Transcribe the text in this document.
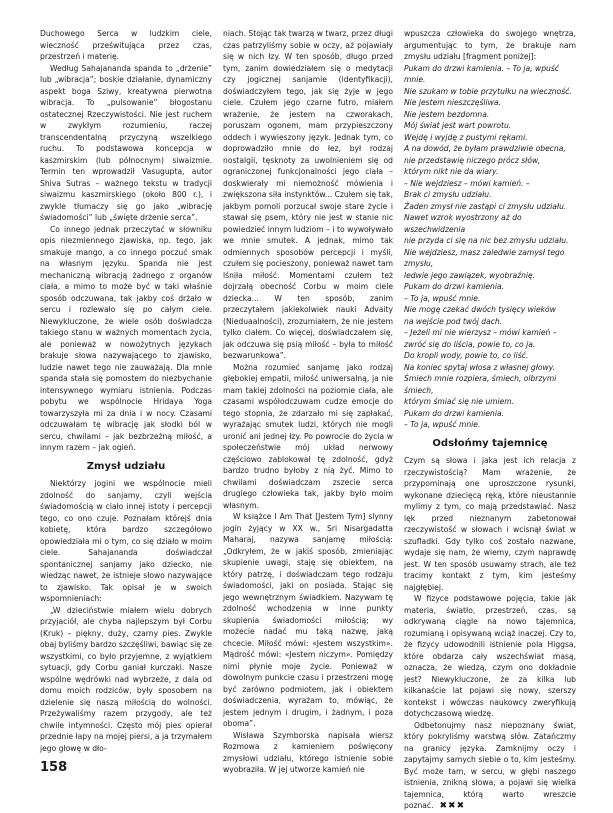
Duchowego Serca w ludzkim ciele, wieczność prześwitująca przez czas, przestrzeń i materię.

Według Sahajananda spanda to „drżenie” lub „wibracja”; boskie działanie, dynamiczny aspekt boga Sziwy, kreatywna pierwotna wibracja. To „pulsowanie” błogostanu ostatecznej Rzeczywistości. Nie jest ruchem w zwykłym rozumieniu, raczej transcendentalną przyczyną wszelkiego ruchu. To podstawowa koncepcja w kaszmirskim (lub północnym) siwaizmie. Termin ten wprowadził Vasugupta, autor Shiva Sutras – ważnego tekstu w tradycji siwaizmu kaszmirskiego (około 800 r.), i zwykle tłumaczy się go jako „wibrację świadomości” lub „święte drżenie serca”.

Co innego jednak przeczytać w słowniku opis niezmiennego zjawiska, np. tego, jak smakuje mango, a co innego poczuć smak na własnym języku. Spanda nie jest mechaniczną wibracją żadnego z organów ciała, a mimo to może być w taki właśnie sposób odczuwana, tak jakby coś drżało w sercu i rozlewało się po całym ciele. Niewykluczone, że wiele osób doświadcza takiego stanu w ważnych momentach życia, ale ponieważ w nowożytnych językach brakuje słowa nazywającego to zjawisko, ludzie nawet tego nie zauważają. Dla mnie spanda stała się pomostem do niezbychanie intensywnego wymiaru istnienia. Podczas pobytu we wspólnocie Hridaya Yoga towarzyszyła mi za dnia i w nocy. Czasami odczuwałam tę wibrację jak słodki ból w sercu, chwilami – jak bezbrzeżną miłość, a innym razem – jak ogień.

Zmysł udziału

Niektórzy jogini we wspólnocie mieli zdolność do sanjamy, czyli wejścia świadomością w ciało innej istoty i percepcji tego, co ono czuje. Poznałam którejś dnia kobietę, która bardzo szczegółowo opowiedziała mi o tym, co się działo w moim ciele. Sahajananda doświadczał spontanicznej sanjamy jako dziecko, nie wiedząc nawet, że istnieje słowo nazywające to zjawisko. Tak opisał je w swoich wspomnieniach:

„W dzieciństwie miałem wielu dobrych przyjaciół, ale chyba najlepszym był Corbu (Kruk) – piękny, duży, czarny pies. Zwykle obaj byliśmy bardzo szczęśliwi, bawiąc się ze wszystkimi, co było przyjemne, z wyjątkiem sytuacji, gdy Corbu ganiał kurczaki. Nasze wspólne wędrówki nad wybrzeże, z dala od domu moich rodziców, były sposobem na dzielenie się naszą miłością do wolności. Przeżywaliśmy razem przygody, ale też chwile intymności. Często mój pies opierał przednie łapy na mojej piersi, a ja trzymałem jego głowę w dło-

niach. Stojąc tak twarzą w twarz, przez długi czas patrzyliśmy sobie w oczy, aż pojawiały się w nich łzy. W ten sposób, długo przed tym, zanim dowiedziałem się o medytacji czy jogicznej sanjamie (identyfikacji), doświadczyłem tego, jak się żyje w jego ciele. Czułem jego czarne futro, miałem wrażenie, że jestem na czworakach, poruszam ogonem, mam przypieszczony oddech i wywieszony język. Jednak tym, co doprowadziło mnie do łez, był rodzaj nostalgii, tęsknoty za uwolnieniem się od ograniczonej funkcjonalności jego ciała – doskwierały mi niemożność mówienia i zwiększona siła instynktów... Czułem się tak, jakbym pomoli porzucał swoje stare życie i stawał się psem, który nie jest w stanie nic powiedzieć innym ludziom – i to wywoływało we mnie smutek. A jednak, mimo tak odmiennych sposobów percepcji i myśli, czułem się pocieszony, ponieważ nawet tam lśniła miłość. Momentami czułem też dojrzałą obecność Corbu w moim ciele dziecka... W ten sposób, zanim przeczytałem jakiekolwiek nauki Advaity (Nieduaalności), zrozumiałem, że nie jestem tylko ciałem. Co więcej, doświadczałem się, jak odczuwa się psią miłość – była to miłość bezwarunkowa”.

Można rozumieć sanjamę jako rodzaj głębokiej empatii, miłość uniwersalną, ja nie mam takiej zdolności na poziomie ciała, ale czasami współodczuwam cudze emocje do tego stopnia, że zdarzało mi się zapłakać, wyrażając smutek ludzi, których nie mogli uronić ani jednej łzy. Po powrocie do życia w społeczeństwie mój układ nerwowy częściowo zablokował tę zdolność, gdyż bardzo trudno byłoby z nią żyć. Mimo to chwilami doświadczam zszecie serca drugiego człowieka tak, jakby było moim własnym.

W książce I Am That [Jestem Tym] slynny jogin żyjący w XX w., Sri Nisargadatta Maharaj, nazywa sanjamę miłością: „Odkryłem, że w jakiś sposób, zmieniając skupienie uwagi, staję się obiektem, na który patrzę, i doświadczam tego rodzaju świadomości, jaki on posiada. Stając się jego wewnętrznym świadkiem. Nazywam tę zdolność wchodzenia w inne punkty skupienia świadomości miłością; wy możecie nadać mu taką nazwę, jaką chcecie. Miłość mówi: «Jestem wszystkim». Mądrość mówi: «Jestem niczym». Pomiędzy nimi płynie moje życie. Ponieważ w dowolnym punkcie czasu i przestrzeni mogę być zarówno podmiotem, jak i obiektem doświadczenia, wyrażam to, mówiąc, że jestem jednym i drugim, i żadnym, i poza oboma”.

Wisława Szymborska napisała wiersz Rozmowa z kamieniem poświęcony zmysłowi udziału, którego istnienie sobie wyobraziła. W jej utworze kamień nie

wpuszcza człowieka do swojego wnętrza, argumentując to tym, że brakuje nam zmysłu udziału [fragment poniżej]:

Pukam do drzwi kamienia. – To ja, wpuść mnie.

Nie szukam w tobie przytułku na wieczność.

Nie jestem nieszczęśliwa.

Nie jestem bezdomna.

Mój świat jest wart powrotu.

Wejdę i wyjdę z pustymi rękami.

A na dowód, że byłam prawdziwie obecna,

nie przedstawię niczego prócz słów,

którym nikt nie da wiary.

– Nie wejdziesz – mówi kamień. –

Brak ci zmysłu udziału.

Żaden zmysł nie zastąpi ci zmysłu udziału.

Nawet wzrok wyostrzony aż do wszechwidzenia

nie przyda ci się na nic bez zmysłu udziału.

Nie wejdziesz, masz zaledwie zamysł tego zmysłu,

ledwie jego zawiązek, wyobraźnię.

Pukam do drzwi kamienia.

– To ja, wpuść mnie.

Nie mogę czekać dwóch tysięcy wieków

na wejście pod twój dach.

– Jeżeli mi nie wierzysz – mówi kamień –

zwróć się do liścia, powie to, co ja.

Do kropli wody, powie to, co liść.

Na koniec spytaj włosa z własnej głowy.

Śmiech mnie rozpiera, śmiech, olbrzymi śmiech,

którym śmiać się nie umiem.

Pukam do drzwi kamienia.

– To ja, wpuść mnie.

Odsłońmy tajemnicę

Czym są słowa i jaka jest ich relacja z rzeczywistością? Mam wrażenie, że przypominają one uproszczone rysunki, wykonane dziecięcą ręką, które nieustannie mylimy z tym, co mają przedstawiać. Nasz lęk przed nieznanym zabetonował rzeczywistość w słowach i wcisnął świat w szufladki. Gdy tylko coś zostało nazwane, wydaje się nam, że wiemy, czym naprawdę jest. W ten sposób usuwamy strach, ale też tracimy kontakt z tym, kim jesteśmy najgłębiej.

W fizyce podstawowe pojęcia, takie jak materia, światło, przestrzeń, czas, są odkrywaną ciągle na nowo tajemnica, rozumianą i opisywaną wciąż inaczej. Czy to, że fizycy udowodnili istnienie pola Higgsa, które obdarza cały wszechświat masą, oznacza, że wiedzą, czym ono dokładnie jest? Niewykluczone, że za kilka lub kilkanaście lat pojawi się nowy, szerszy kontekst i wówczas naukowcy zweryfikują dotychczasową wiedzę.

Odbetonujmy nasz niepoznany świat, który pokryliśmy warstwą słów. Zatańczmy na granicy języka. Zamknijmy oczy i zapytajmy samych siebie o to, kim jesteśmy. Być może tam, w sercu, w głębi naszego istnienia, znikną słowa, a pojawi się wielka tajemnica, którą warto wreszcie poznać. ✖✖✖

158
